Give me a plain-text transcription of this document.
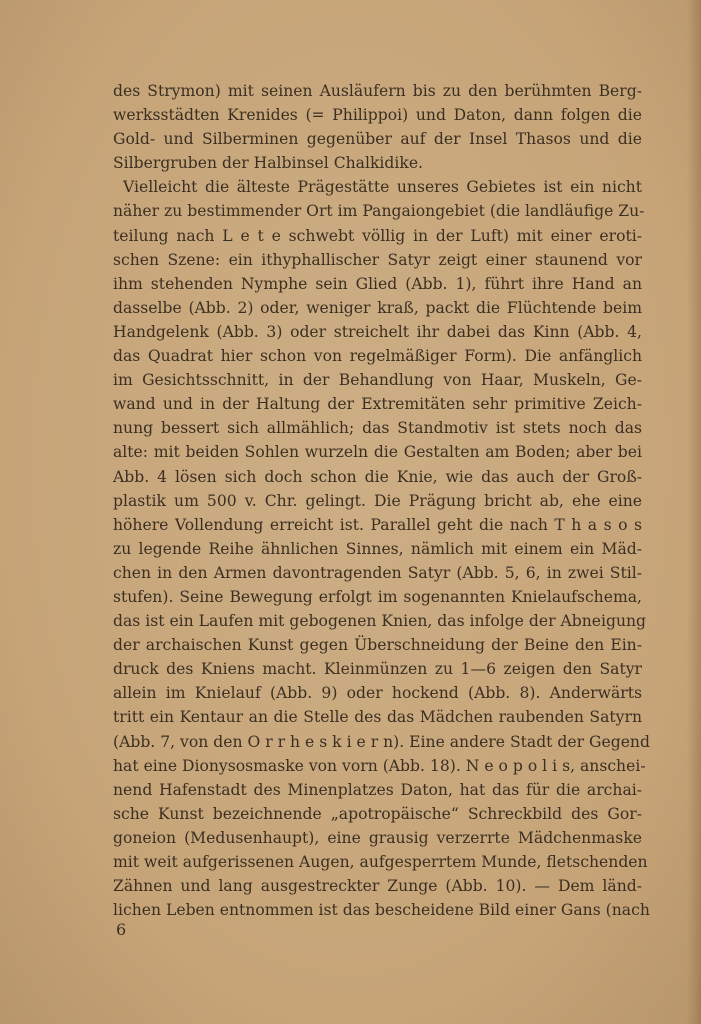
des Strymon) mit seinen Ausläufern bis zu den berühmten Berg-
werksstädten Krenides (= Philippoi) und Daton, dann folgen die
Gold- und Silberminen gegenüber auf der Insel Thasos und die
Silbergruben der Halbinsel Chalkidike.
Vielleicht die älteste Prägestätte unseres Gebietes ist ein nicht
näher zu bestimmender Ort im Pangaiongebiet (die landläufige Zu-
teilung nach L e t e schwebt völlig in der Luft) mit einer eroti-
schen Szene: ein ithyphallischer Satyr zeigt einer staunend vor
ihm stehenden Nymphe sein Glied (Abb. 1), führt ihre Hand an
dasselbe (Abb. 2) oder, weniger kraß, packt die Flüchtende beim
Handgelenk (Abb. 3) oder streichelt ihr dabei das Kinn (Abb. 4,
das Quadrat hier schon von regelmäßiger Form). Die anfänglich
im Gesichtsschnitt, in der Behandlung von Haar, Muskeln, Ge-
wand und in der Haltung der Extremitäten sehr primitive Zeich-
nung bessert sich allmählich; das Standmotiv ist stets noch das
alte: mit beiden Sohlen wurzeln die Gestalten am Boden; aber bei
Abb. 4 lösen sich doch schon die Knie, wie das auch der Groß-
plastik um 500 v. Chr. gelingt. Die Prägung bricht ab, ehe eine
höhere Vollendung erreicht ist. Parallel geht die nach T h a s o s
zu legende Reihe ähnlichen Sinnes, nämlich mit einem ein Mäd-
chen in den Armen davontragenden Satyr (Abb. 5, 6, in zwei Stil-
stufen). Seine Bewegung erfolgt im sogenannten Knielaufschema,
das ist ein Laufen mit gebogenen Knien, das infolge der Abneigung
der archaischen Kunst gegen Überschneidung der Beine den Ein-
druck des Kniens macht. Kleinmünzen zu 1—6 zeigen den Satyr
allein im Knielauf (Abb. 9) oder hockend (Abb. 8). Anderwärts
tritt ein Kentaur an die Stelle des das Mädchen raubenden Satyrn
(Abb. 7, von den O r r h e s k i e r n). Eine andere Stadt der Gegend
hat eine Dionysosmaske von vorn (Abb. 18). N e o p o l i s, anschei-
nend Hafenstadt des Minenplatzes Daton, hat das für die archai-
sche Kunst bezeichnende „apotropäische“ Schreckbild des Gor-
goneion (Medusenhaupt), eine grausig verzerrte Mädchenmaske
mit weit aufgerissenen Augen, aufgesperrtem Munde, fletschenden
Zähnen und lang ausgestreckter Zunge (Abb. 10). — Dem länd-
lichen Leben entnommen ist das bescheidene Bild einer Gans (nach
6
